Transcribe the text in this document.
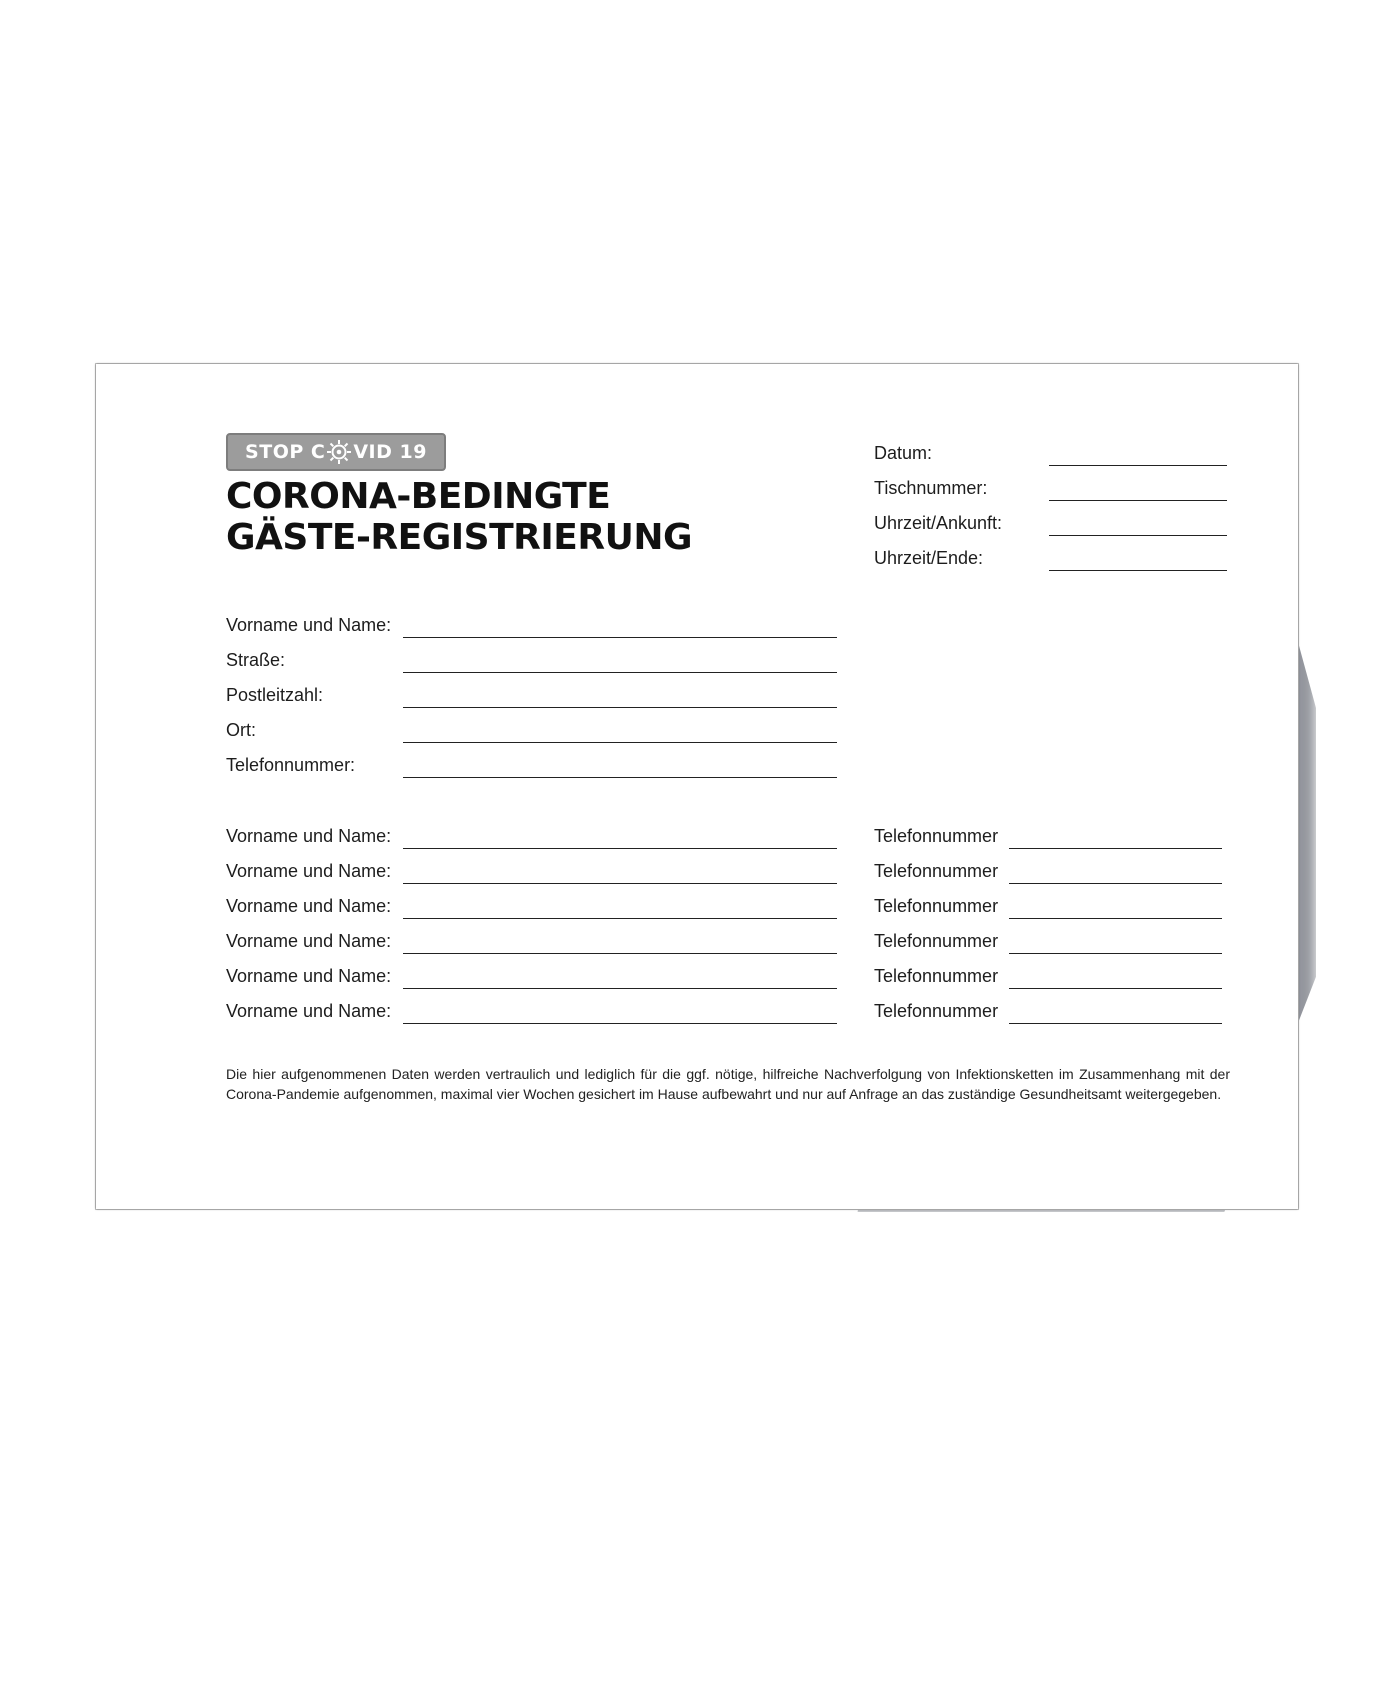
STOP C VID 19
CORONA-BEDINGTE
GÄSTE-REGISTRIERUNG
Datum:
Tischnummer:
Uhrzeit/Ankunft:
Uhrzeit/Ende:
Vorname und Name:
Straße:
Postleitzahl:
Ort:
Telefonnummer:
Vorname und Name:	Telefonnummer
Vorname und Name:	Telefonnummer
Vorname und Name:	Telefonnummer
Vorname und Name:	Telefonnummer
Vorname und Name:	Telefonnummer
Vorname und Name:	Telefonnummer

Die hier aufgenommenen Daten werden vertraulich und lediglich für die ggf. nötige, hilfreiche Nachverfolgung von Infektionsketten im Zusammenhang mit der Corona-Pandemie aufgenommen, maximal vier Wochen gesichert im Hause aufbewahrt und nur auf Anfrage an das zuständige Gesundheitsamt weitergegeben.
